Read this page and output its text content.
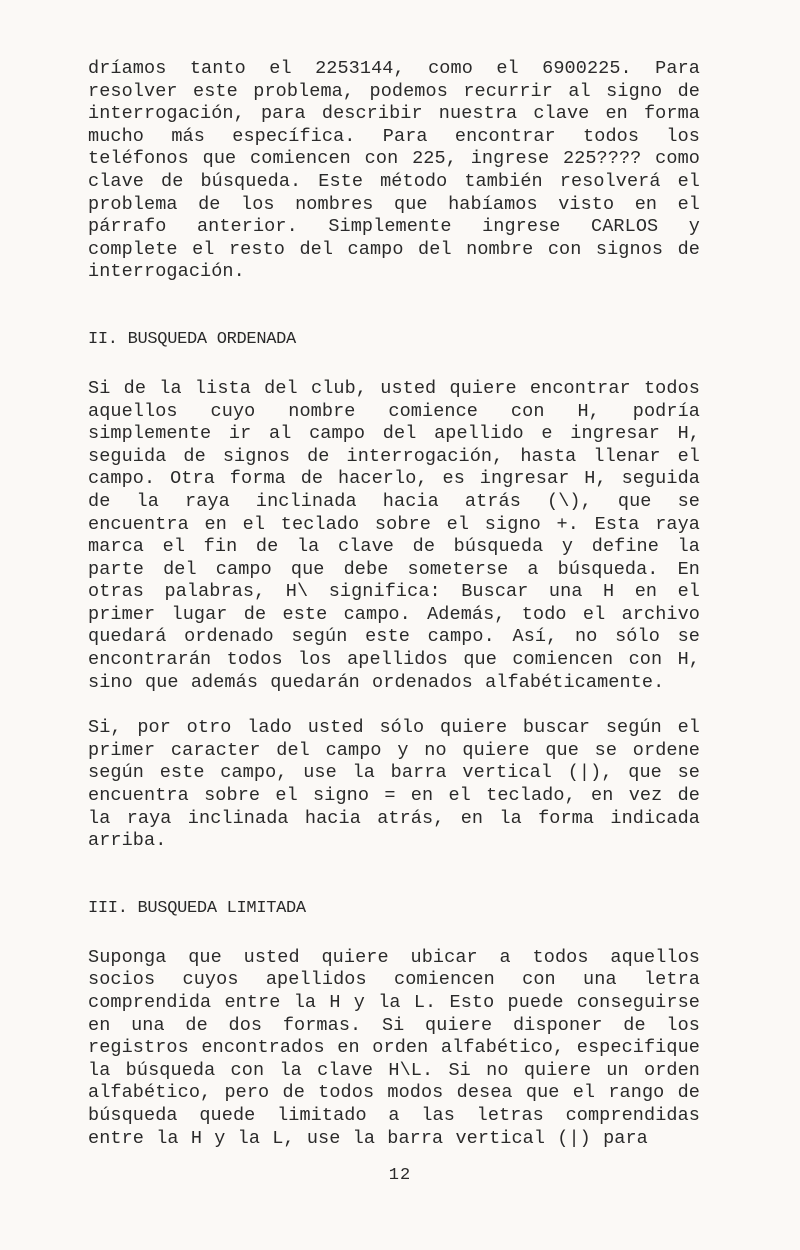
dríamos tanto el 2253144, como el 6900225. Para resolver este problema, podemos recurrir al signo de interrogación, para describir nuestra clave en forma mucho más específica. Para encontrar todos los teléfonos que comiencen con 225, ingrese 225???? como clave de búsqueda. Este método también resolverá el problema de los nombres que habíamos visto en el párrafo anterior. Simplemente ingrese CARLOS y complete el resto del campo del nombre con signos de interrogación.

II. BUSQUEDA ORDENADA

Si de la lista del club, usted quiere encontrar todos aquellos cuyo nombre comience con H, podría simplemente ir al campo del apellido e ingresar H, seguida de signos de interrogación, hasta llenar el campo. Otra forma de hacerlo, es ingresar H, seguida de la raya inclinada hacia atrás (\), que se encuentra en el teclado sobre el signo +. Esta raya marca el fin de la clave de búsqueda y define la parte del campo que debe someterse a búsqueda. En otras palabras, H\ significa: Buscar una H en el primer lugar de este campo. Además, todo el archivo quedará ordenado según este campo. Así, no sólo se encontrarán todos los apellidos que comiencen con H, sino que además quedarán ordenados alfabéticamente.

Si, por otro lado usted sólo quiere buscar según el primer caracter del campo y no quiere que se ordene según este campo, use la barra vertical (|), que se encuentra sobre el signo = en el teclado, en vez de la raya inclinada hacia atrás, en la forma indicada arriba.

III. BUSQUEDA LIMITADA

Suponga que usted quiere ubicar a todos aquellos socios cuyos apellidos comiencen con una letra comprendida entre la H y la L. Esto puede conseguirse en una de dos formas. Si quiere disponer de los registros encontrados en orden alfabético, especifique la búsqueda con la clave H\L. Si no quiere un orden alfabético, pero de todos modos desea que el rango de búsqueda quede limitado a las letras comprendidas entre la H y la L, use la barra vertical (|) para

12
